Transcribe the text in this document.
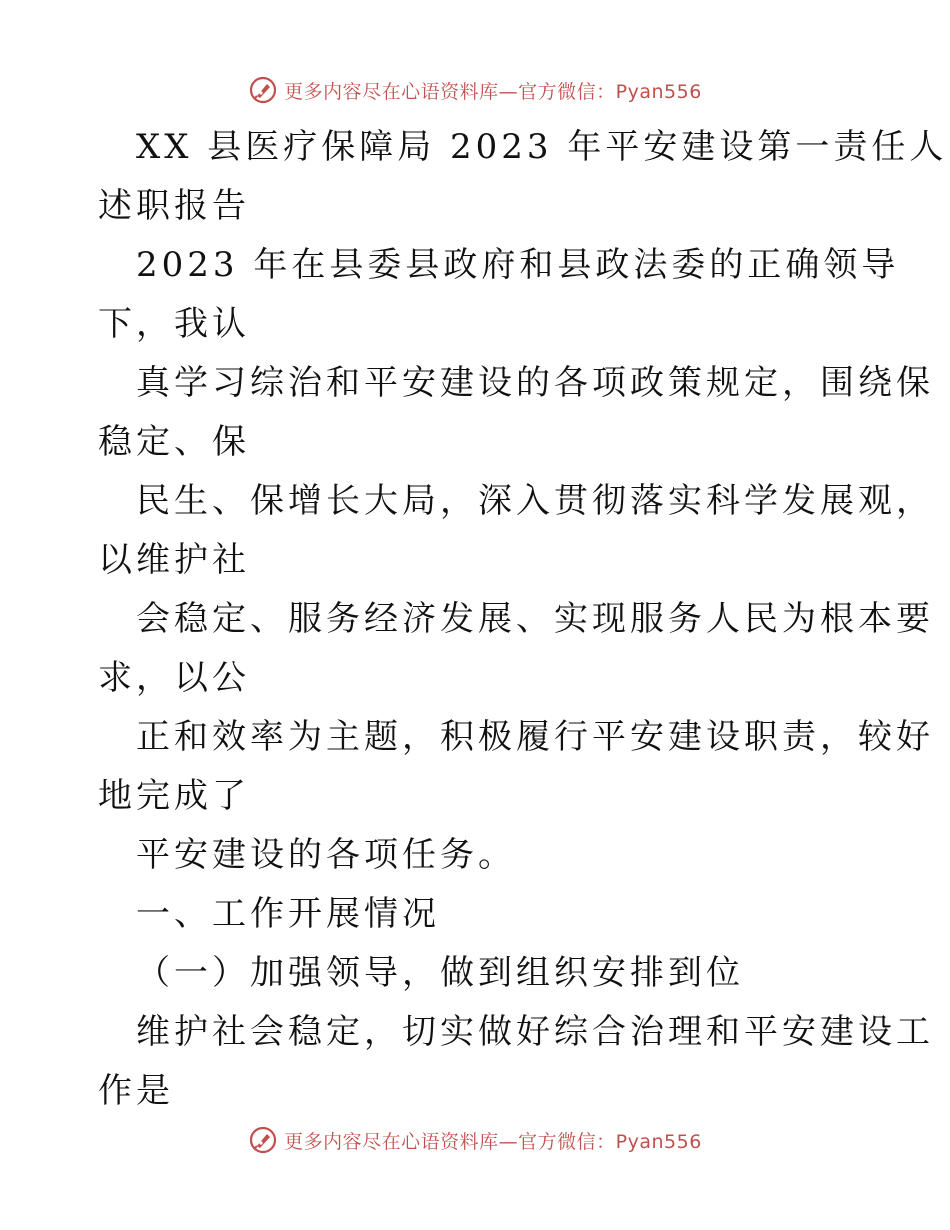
更多内容尽在心语资料库—官方微信：Pyan556

XX 县医疗保障局 2023 年平安建设第一责任人

述职报告

2023 年在县委县政府和县政法委的正确领导

下，我认

真学习综治和平安建设的各项政策规定，围绕保

稳定、保

民生、保增长大局，深入贯彻落实科学发展观，

以维护社

会稳定、服务经济发展、实现服务人民为根本要

求，以公

正和效率为主题，积极履行平安建设职责，较好

地完成了

平安建设的各项任务。

一、工作开展情况

（一）加强领导，做到组织安排到位

维护社会稳定，切实做好综合治理和平安建设工

作是

更多内容尽在心语资料库—官方微信：Pyan556
